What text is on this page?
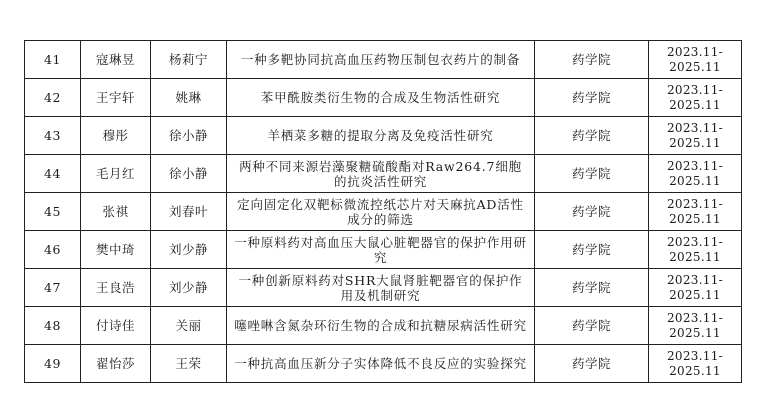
41	寇琳昱	杨莉宁	一种多靶协同抗高血压药物压制包衣药片的制备	药学院	2023.11-
2025.11

42	王宇轩	姚琳	苯甲酰胺类衍生物的合成及生物活性研究	药学院	2023.11-
2025.11

43	穆彤	徐小静	羊栖菜多糖的提取分离及免疫活性研究	药学院	2023.11-
2025.11

44	毛月红	徐小静	两种不同来源岩藻聚糖硫酸酯对Raw264.7细胞的抗炎活性研究	药学院	2023.11-
2025.11

45	张祺	刘春叶	定向固定化双靶标微流控纸芯片对天麻抗AD活性成分的筛选	药学院	2023.11-
2025.11

46	樊中琦	刘少静	一种原料药对高血压大鼠心脏靶器官的保护作用研究	药学院	2023.11-
2025.11

47	王良浩	刘少静	一种创新原料药对SHR大鼠肾脏靶器官的保护作用及机制研究	药学院	2023.11-
2025.11

48	付诗佳	关丽	噻唑啉含氮杂环衍生物的合成和抗糖尿病活性研究	药学院	2023.11-
2025.11

49	翟怡莎	王荣	一种抗高血压新分子实体降低不良反应的实验探究	药学院	2023.11-
2025.11
